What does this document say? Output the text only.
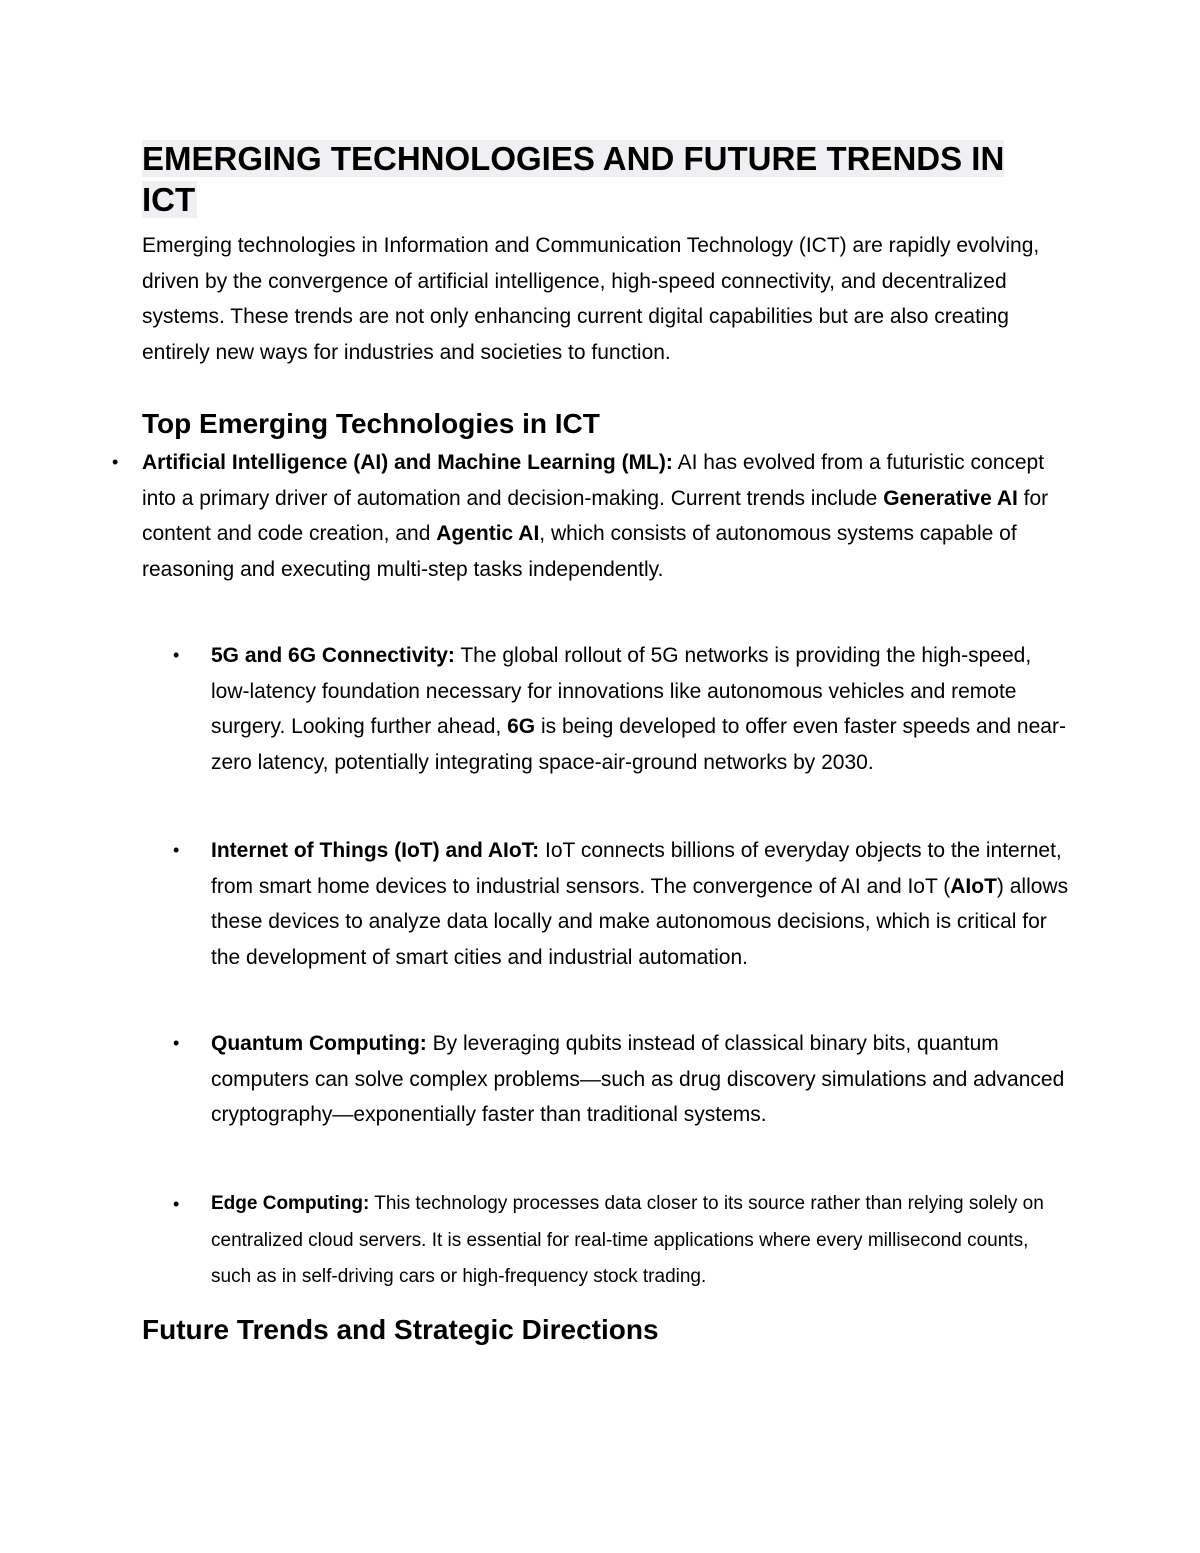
EMERGING TECHNOLOGIES AND FUTURE TRENDS IN ICT

Emerging technologies in Information and Communication Technology (ICT) are rapidly evolving, driven by the convergence of artificial intelligence, high-speed connectivity, and decentralized systems. These trends are not only enhancing current digital capabilities but are also creating entirely new ways for industries and societies to function.

Top Emerging Technologies in ICT

• Artificial Intelligence (AI) and Machine Learning (ML): AI has evolved from a futuristic concept into a primary driver of automation and decision-making. Current trends include Generative AI for content and code creation, and Agentic AI, which consists of autonomous systems capable of reasoning and executing multi-step tasks independently.

• 5G and 6G Connectivity: The global rollout of 5G networks is providing the high-speed, low-latency foundation necessary for innovations like autonomous vehicles and remote surgery. Looking further ahead, 6G is being developed to offer even faster speeds and near-zero latency, potentially integrating space-air-ground networks by 2030.

• Internet of Things (IoT) and AIoT: IoT connects billions of everyday objects to the internet, from smart home devices to industrial sensors. The convergence of AI and IoT (AIoT) allows these devices to analyze data locally and make autonomous decisions, which is critical for the development of smart cities and industrial automation.

• Quantum Computing: By leveraging qubits instead of classical binary bits, quantum computers can solve complex problems—such as drug discovery simulations and advanced cryptography—exponentially faster than traditional systems.

• Edge Computing: This technology processes data closer to its source rather than relying solely on centralized cloud servers. It is essential for real-time applications where every millisecond counts, such as in self-driving cars or high-frequency stock trading.

Future Trends and Strategic Directions
